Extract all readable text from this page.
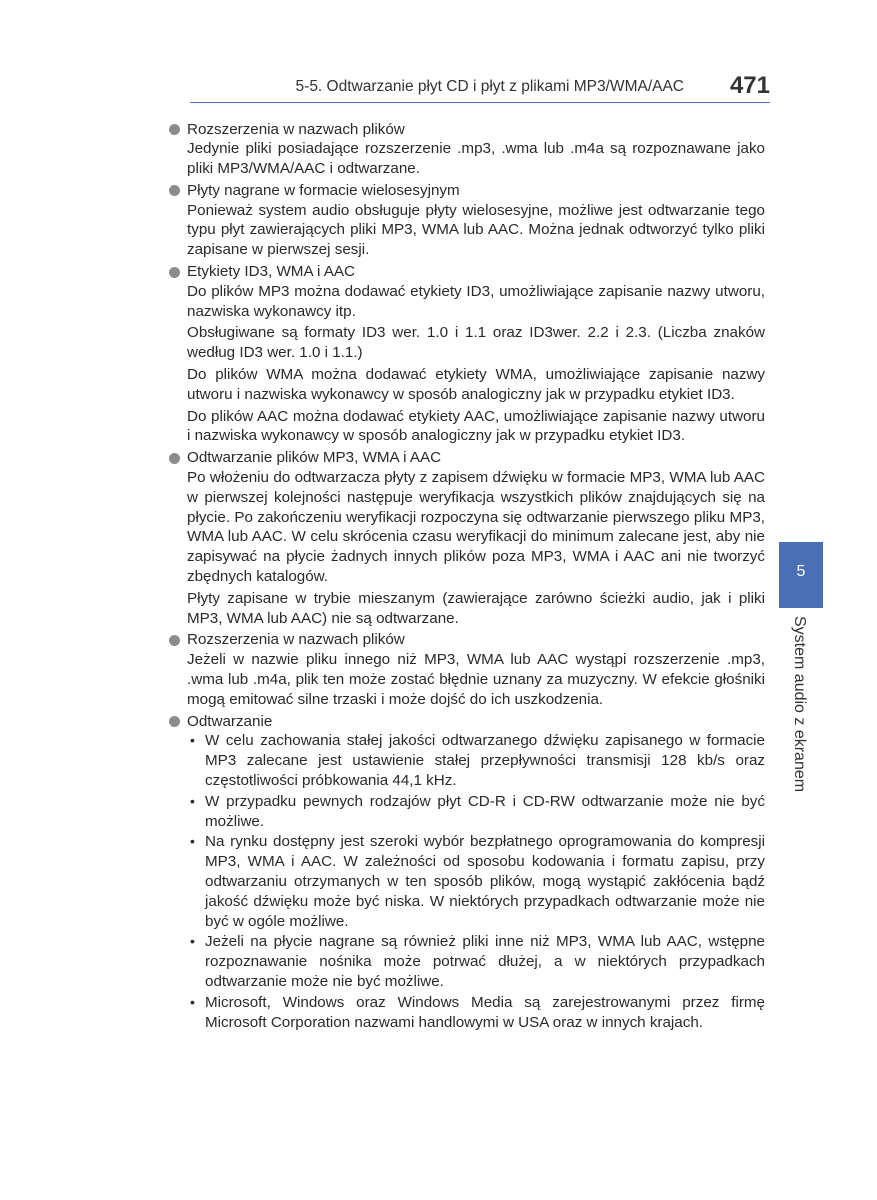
5-5. Odtwarzanie płyt CD i płyt z plikami MP3/WMA/AAC 471
Rozszerzenia w nazwach plików

Jedynie pliki posiadające rozszerzenie .mp3, .wma lub .m4a są rozpoznawane jako pliki MP3/WMA/AAC i odtwarzane.

Płyty nagrane w formacie wielosesyjnym

Ponieważ system audio obsługuje płyty wielosesyjne, możliwe jest odtwarzanie tego typu płyt zawierających pliki MP3, WMA lub AAC. Można jednak odtworzyć tylko pliki zapisane w pierwszej sesji.

Etykiety ID3, WMA i AAC

Do plików MP3 można dodawać etykiety ID3, umożliwiające zapisanie nazwy utworu, nazwiska wykonawcy itp.

Obsługiwane są formaty ID3 wer. 1.0 i 1.1 oraz ID3wer. 2.2 i 2.3. (Liczba znaków według ID3 wer. 1.0 i 1.1.)

Do plików WMA można dodawać etykiety WMA, umożliwiające zapisanie nazwy utworu i nazwiska wykonawcy w sposób analogiczny jak w przypadku etykiet ID3.

Do plików AAC można dodawać etykiety AAC, umożliwiające zapisanie nazwy utworu i nazwiska wykonawcy w sposób analogiczny jak w przypadku etykiet ID3.

Odtwarzanie plików MP3, WMA i AAC

Po włożeniu do odtwarzacza płyty z zapisem dźwięku w formacie MP3, WMA lub AAC w pierwszej kolejności następuje weryfikacja wszystkich plików znajdujących się na płycie. Po zakończeniu weryfikacji rozpoczyna się odtwarzanie pierwszego pliku MP3, WMA lub AAC. W celu skrócenia czasu weryfikacji do minimum zalecane jest, aby nie zapisywać na płycie żadnych innych plików poza MP3, WMA i AAC ani nie tworzyć zbędnych katalogów.

Płyty zapisane w trybie mieszanym (zawierające zarówno ścieżki audio, jak i pliki MP3, WMA lub AAC) nie są odtwarzane.

Rozszerzenia w nazwach plików

Jeżeli w nazwie pliku innego niż MP3, WMA lub AAC wystąpi rozszerzenie .mp3, .wma lub .m4a, plik ten może zostać błędnie uznany za muzyczny. W efekcie głośniki mogą emitować silne trzaski i może dojść do ich uszkodzenia.

Odtwarzanie
• W celu zachowania stałej jakości odtwarzanego dźwięku zapisanego w formacie MP3 zalecane jest ustawienie stałej przepływności transmisji 128 kb/s oraz częstotliwości próbkowania 44,1 kHz.
• W przypadku pewnych rodzajów płyt CD-R i CD-RW odtwarzanie może nie być możliwe.
• Na rynku dostępny jest szeroki wybór bezpłatnego oprogramowania do kompresji MP3, WMA i AAC. W zależności od sposobu kodowania i formatu zapisu, przy odtwarzaniu otrzymanych w ten sposób plików, mogą wystąpić zakłócenia bądź jakość dźwięku może być niska. W niektórych przypadkach odtwarzanie może nie być w ogóle możliwe.
• Jeżeli na płycie nagrane są również pliki inne niż MP3, WMA lub AAC, wstępne rozpoznawanie nośnika może potrwać dłużej, a w niektórych przypadkach odtwarzanie może nie być możliwe.
• Microsoft, Windows oraz Windows Media są zarejestrowanymi przez firmę Microsoft Corporation nazwami handlowymi w USA oraz w innych krajach.
5
System audio z ekranem
